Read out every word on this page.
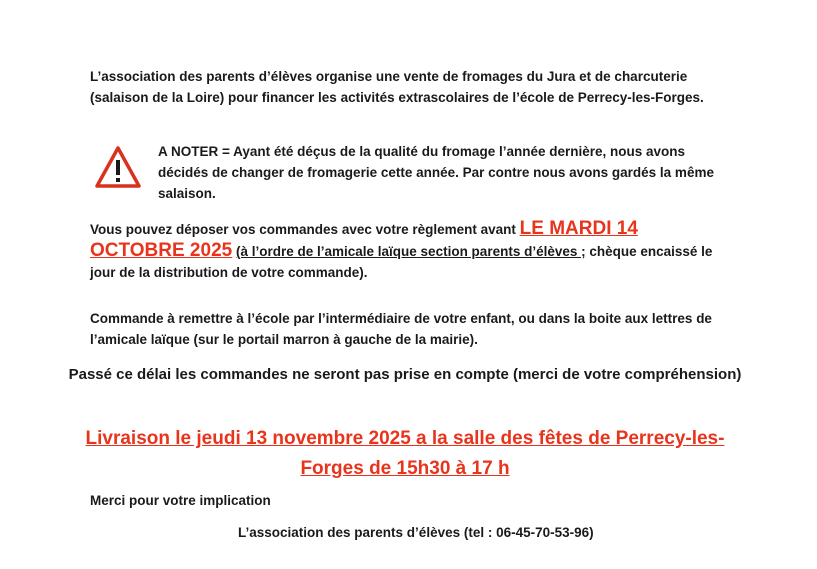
L’association des parents d’élèves organise une vente de fromages du Jura et de charcuterie (salaison de la Loire) pour financer les activités extrascolaires de l’école de Perrecy-les-Forges.
A NOTER = Ayant été déçus de la qualité du fromage l’année dernière, nous avons décidés de changer de fromagerie cette année. Par contre nous avons gardés la même salaison.
Vous pouvez déposer vos commandes avec votre règlement avant LE MARDI 14 OCTOBRE 2025 (à l’ordre de l’amicale laïque section parents d’élèves ; chèque encaissé le jour de la distribution de votre commande).
Commande à remettre à l’école par l’intermédiaire de votre enfant, ou dans la boite aux lettres de l’amicale laïque (sur le portail marron à gauche de la mairie).
Passé ce délai les commandes ne seront pas prise en compte (merci de votre compréhension)
Livraison le jeudi 13 novembre 2025 a la salle des fêtes de Perrecy-les-Forges de 15h30 à 17 h
Merci pour votre implication
L’association des parents d’élèves (tel : 06-45-70-53-96)
